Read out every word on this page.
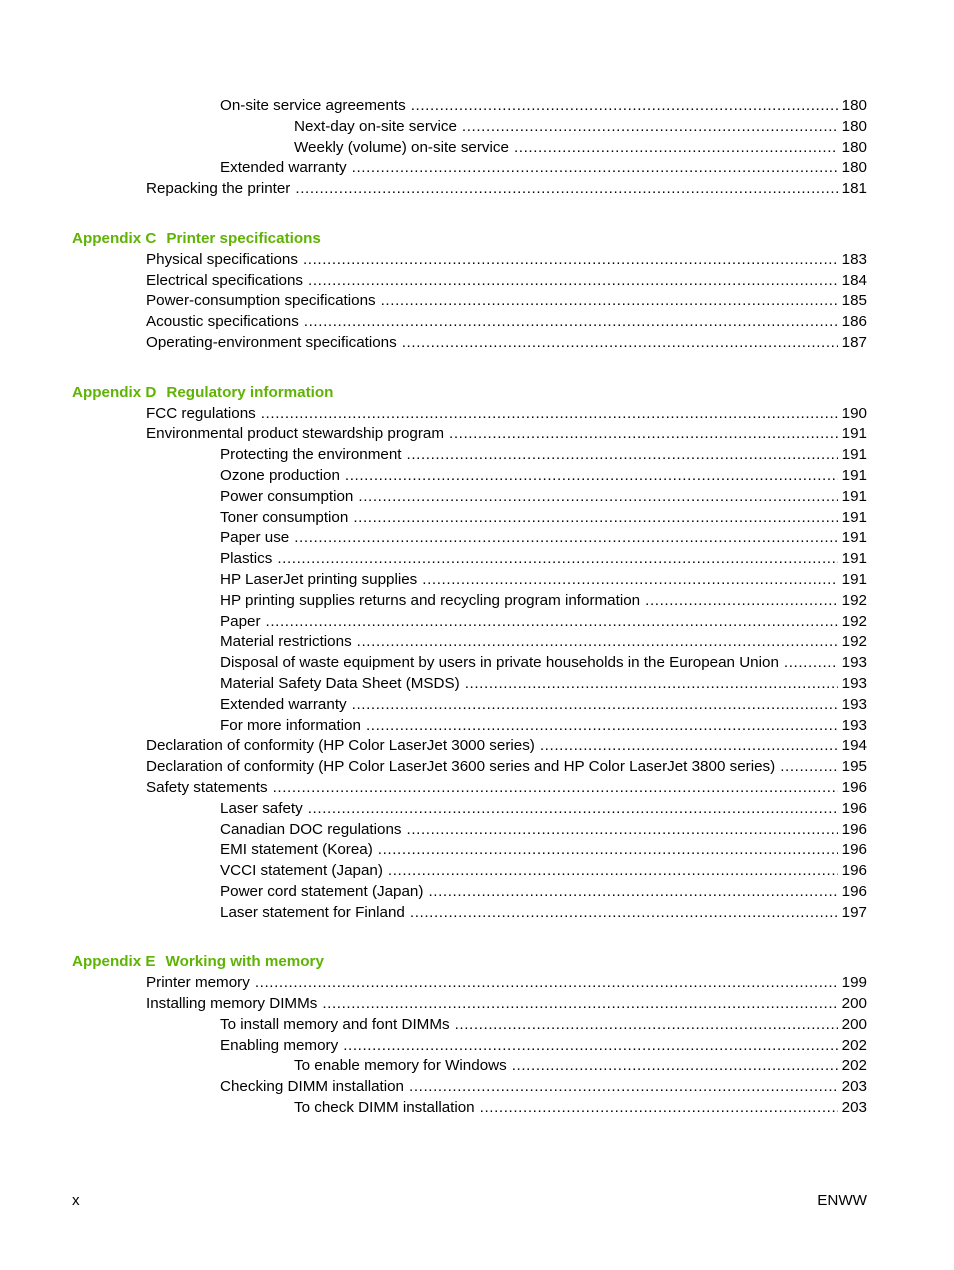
On-site service agreements .....	180
Next-day on-site service .....	180
Weekly (volume) on-site service .....	180
Extended warranty .....	180
Repacking the printer .....	181
Appendix C Printer specifications
Physical specifications .....	183
Electrical specifications .....	184
Power-consumption specifications .....	185
Acoustic specifications .....	186
Operating-environment specifications .....	187
Appendix D Regulatory information
FCC regulations .....	190
Environmental product stewardship program .....	191
Protecting the environment .....	191
Ozone production .....	191
Power consumption .....	191
Toner consumption .....	191
Paper use .....	191
Plastics .....	191
HP LaserJet printing supplies .....	191
HP printing supplies returns and recycling program information .....	192
Paper .....	192
Material restrictions .....	192
Disposal of waste equipment by users in private households in the European Union .....	193
Material Safety Data Sheet (MSDS) .....	193
Extended warranty .....	193
For more information .....	193
Declaration of conformity (HP Color LaserJet 3000 series) .....	194
Declaration of conformity (HP Color LaserJet 3600 series and HP Color LaserJet 3800 series) .....	195
Safety statements .....	196
Laser safety .....	196
Canadian DOC regulations .....	196
EMI statement (Korea) .....	196
VCCI statement (Japan) .....	196
Power cord statement (Japan) .....	196
Laser statement for Finland .....	197
Appendix E Working with memory
Printer memory .....	199
Installing memory DIMMs .....	200
To install memory and font DIMMs .....	200
Enabling memory .....	202
To enable memory for Windows .....	202
Checking DIMM installation .....	203
To check DIMM installation .....	203
x	ENWW
